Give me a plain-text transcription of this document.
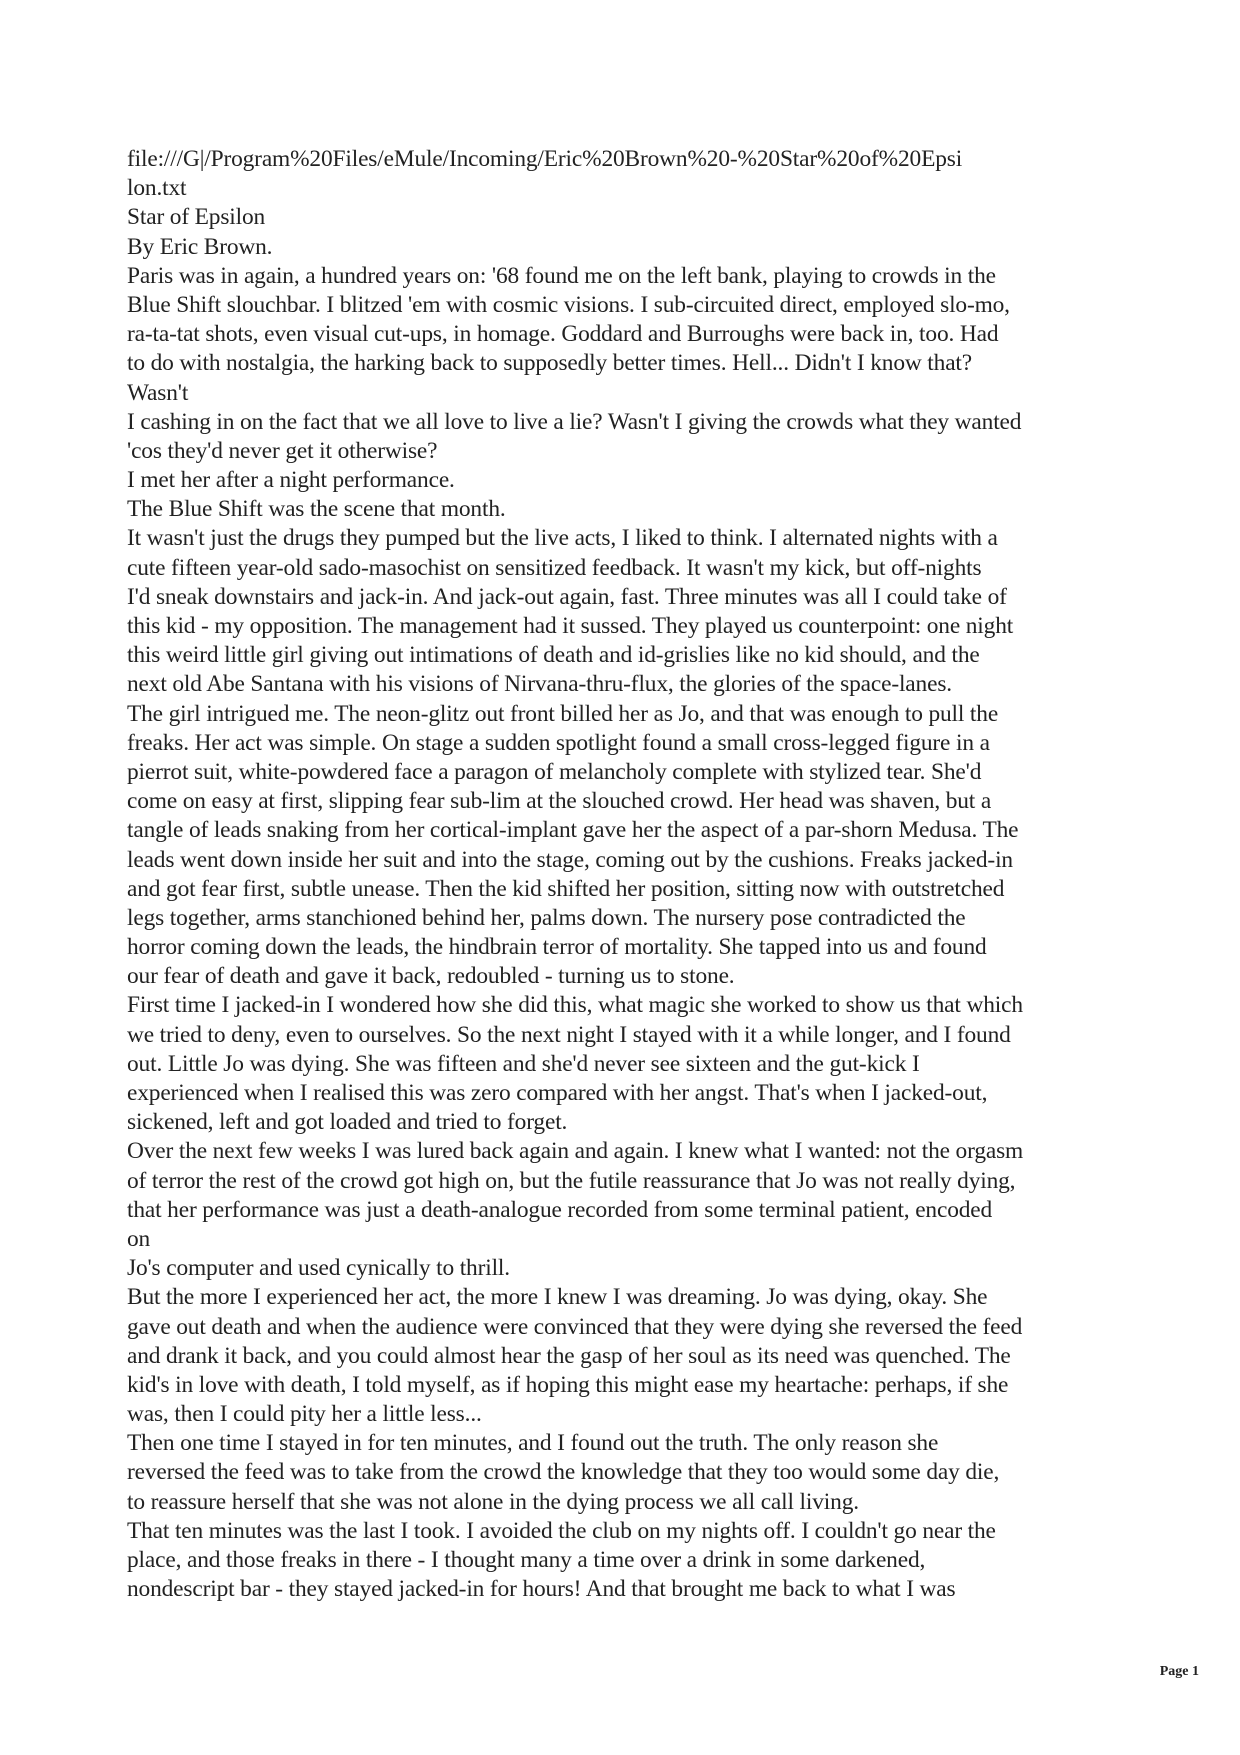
file:///G|/Program%20Files/eMule/Incoming/Eric%20Brown%20-%20Star%20of%20Epsi
lon.txt
Star of Epsilon
By Eric Brown.
Paris was in again, a hundred years on: '68 found me on the left bank, playing to crowds in the
Blue Shift slouchbar. I blitzed 'em with cosmic visions. I sub-circuited direct, employed slo-mo,
ra-ta-tat shots, even visual cut-ups, in homage. Goddard and Burroughs were back in, too. Had
to do with nostalgia, the harking back to supposedly better times. Hell... Didn't I know that?
Wasn't
I cashing in on the fact that we all love to live a lie? Wasn't I giving the crowds what they wanted
'cos they'd never get it otherwise?
I met her after a night performance.
The Blue Shift was the scene that month.
It wasn't just the drugs they pumped but the live acts, I liked to think. I alternated nights with a
cute fifteen year-old sado-masochist on sensitized feedback. It wasn't my kick, but off-nights
I'd sneak downstairs and jack-in. And jack-out again, fast. Three minutes was all I could take of
this kid - my opposition. The management had it sussed. They played us counterpoint: one night
this weird little girl giving out intimations of death and id-grislies like no kid should, and the
next old Abe Santana with his visions of Nirvana-thru-flux, the glories of the space-lanes.
The girl intrigued me. The neon-glitz out front billed her as Jo, and that was enough to pull the
freaks. Her act was simple. On stage a sudden spotlight found a small cross-legged figure in a
pierrot suit, white-powdered face a paragon of melancholy complete with stylized tear. She'd
come on easy at first, slipping fear sub-lim at the slouched crowd. Her head was shaven, but a
tangle of leads snaking from her cortical-implant gave her the aspect of a par-shorn Medusa. The
leads went down inside her suit and into the stage, coming out by the cushions. Freaks jacked-in
and got fear first, subtle unease. Then the kid shifted her position, sitting now with outstretched
legs together, arms stanchioned behind her, palms down. The nursery pose contradicted the
horror coming down the leads, the hindbrain terror of mortality. She tapped into us and found
our fear of death and gave it back, redoubled - turning us to stone.
First time I jacked-in I wondered how she did this, what magic she worked to show us that which
we tried to deny, even to ourselves. So the next night I stayed with it a while longer, and I found
out. Little Jo was dying. She was fifteen and she'd never see sixteen and the gut-kick I
experienced when I realised this was zero compared with her angst. That's when I jacked-out,
sickened, left and got loaded and tried to forget.
Over the next few weeks I was lured back again and again. I knew what I wanted: not the orgasm
of terror the rest of the crowd got high on, but the futile reassurance that Jo was not really dying,
that her performance was just a death-analogue recorded from some terminal patient, encoded
on
Jo's computer and used cynically to thrill.
But the more I experienced her act, the more I knew I was dreaming. Jo was dying, okay. She
gave out death and when the audience were convinced that they were dying she reversed the feed
and drank it back, and you could almost hear the gasp of her soul as its need was quenched. The
kid's in love with death, I told myself, as if hoping this might ease my heartache: perhaps, if she
was, then I could pity her a little less...
Then one time I stayed in for ten minutes, and I found out the truth. The only reason she
reversed the feed was to take from the crowd the knowledge that they too would some day die,
to reassure herself that she was not alone in the dying process we all call living.
That ten minutes was the last I took. I avoided the club on my nights off. I couldn't go near the
place, and those freaks in there - I thought many a time over a drink in some darkened,
nondescript bar - they stayed jacked-in for hours! And that brought me back to what I was
Page 1
